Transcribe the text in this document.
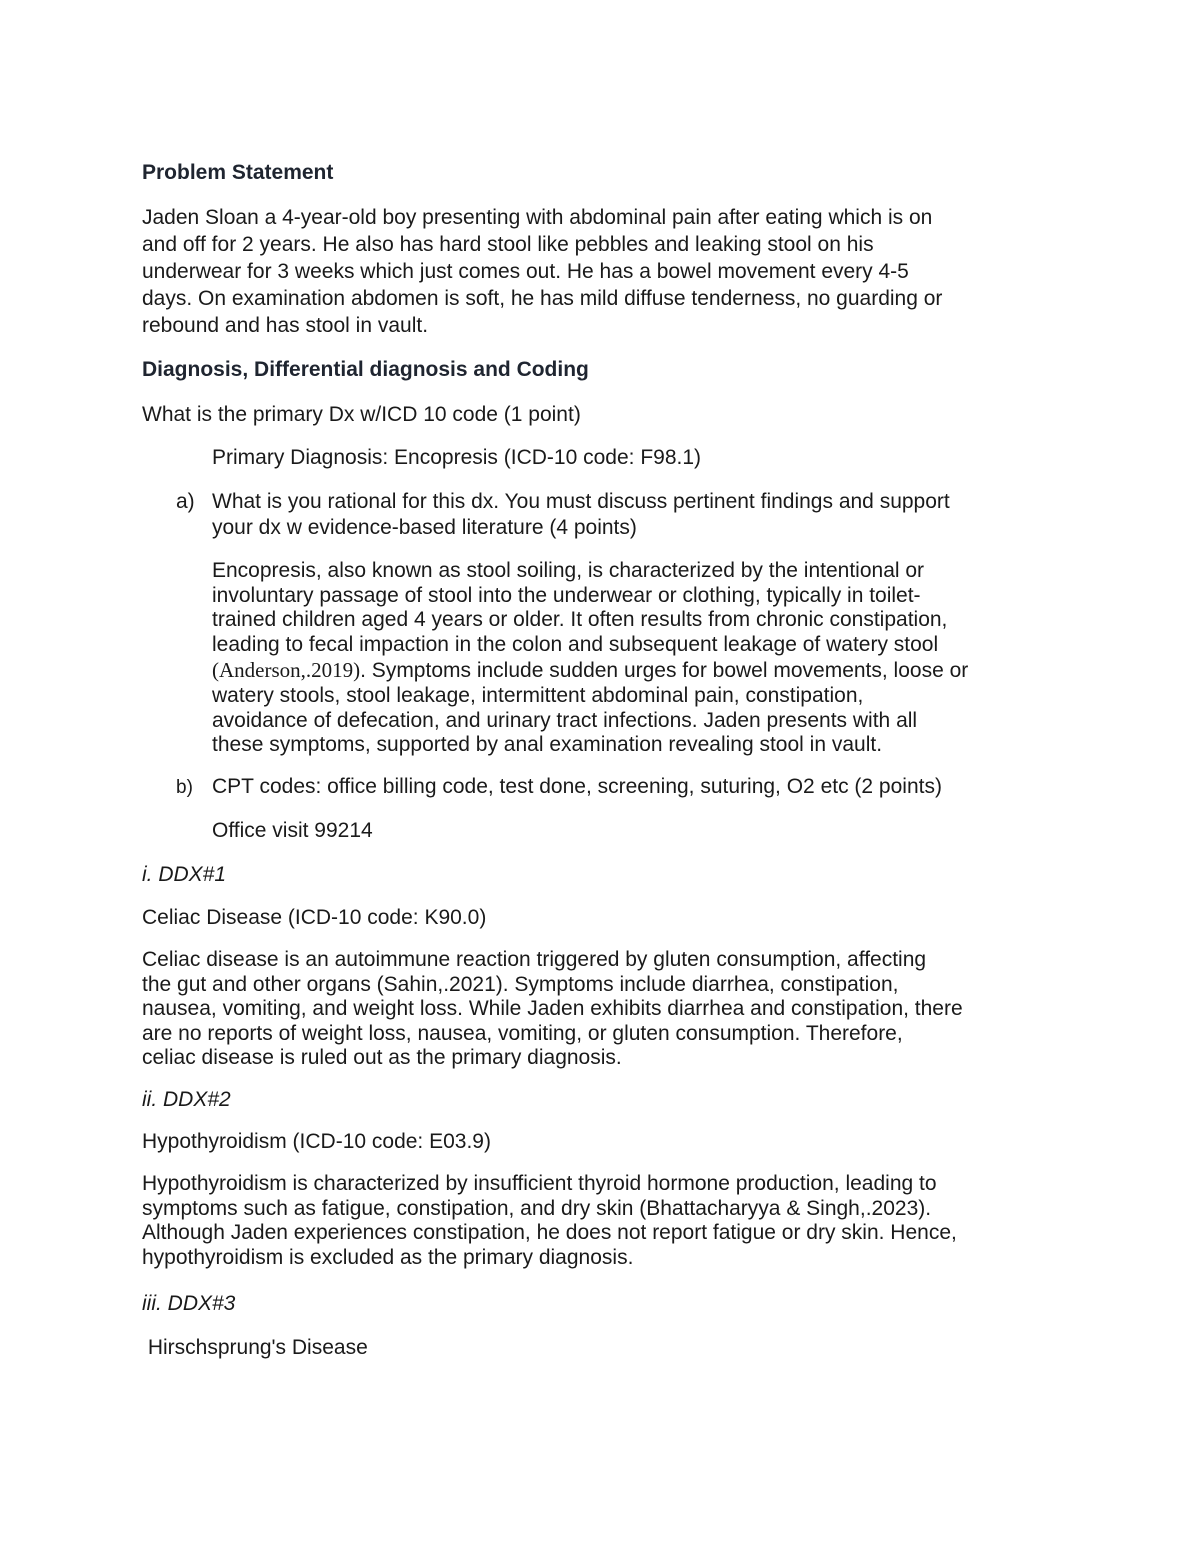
Problem Statement

Jaden Sloan a 4-year-old boy presenting with abdominal pain after eating which is on
and off for 2 years. He also has hard stool like pebbles and leaking stool on his
underwear for 3 weeks which just comes out. He has a bowel movement every 4-5
days. On examination abdomen is soft, he has mild diffuse tenderness, no guarding or
rebound and has stool in vault.

Diagnosis, Differential diagnosis and Coding

What is the primary Dx w/ICD 10 code (1 point)

Primary Diagnosis: Encopresis (ICD-10 code: F98.1)

a) What is you rational for this dx. You must discuss pertinent findings and support
your dx w evidence-based literature (4 points)
Encopresis, also known as stool soiling, is characterized by the intentional or
involuntary passage of stool into the underwear or clothing, typically in toilet-
trained children aged 4 years or older. It often results from chronic constipation,
leading to fecal impaction in the colon and subsequent leakage of watery stool
(Anderson,.2019). Symptoms include sudden urges for bowel movements, loose or
watery stools, stool leakage, intermittent abdominal pain, constipation,
avoidance of defecation, and urinary tract infections. Jaden presents with all
these symptoms, supported by anal examination revealing stool in vault.
b) CPT codes: office billing code, test done, screening, suturing, O2 etc (2 points)

Office visit 99214

i. DDX#1

Celiac Disease (ICD-10 code: K90.0)

Celiac disease is an autoimmune reaction triggered by gluten consumption, affecting
the gut and other organs (Sahin,.2021). Symptoms include diarrhea, constipation,
nausea, vomiting, and weight loss. While Jaden exhibits diarrhea and constipation, there
are no reports of weight loss, nausea, vomiting, or gluten consumption. Therefore,
celiac disease is ruled out as the primary diagnosis.

ii. DDX#2

Hypothyroidism (ICD-10 code: E03.9)

Hypothyroidism is characterized by insufficient thyroid hormone production, leading to
symptoms such as fatigue, constipation, and dry skin (Bhattacharyya & Singh,.2023).
Although Jaden experiences constipation, he does not report fatigue or dry skin. Hence,
hypothyroidism is excluded as the primary diagnosis.

iii. DDX#3

Hirschsprung's Disease
